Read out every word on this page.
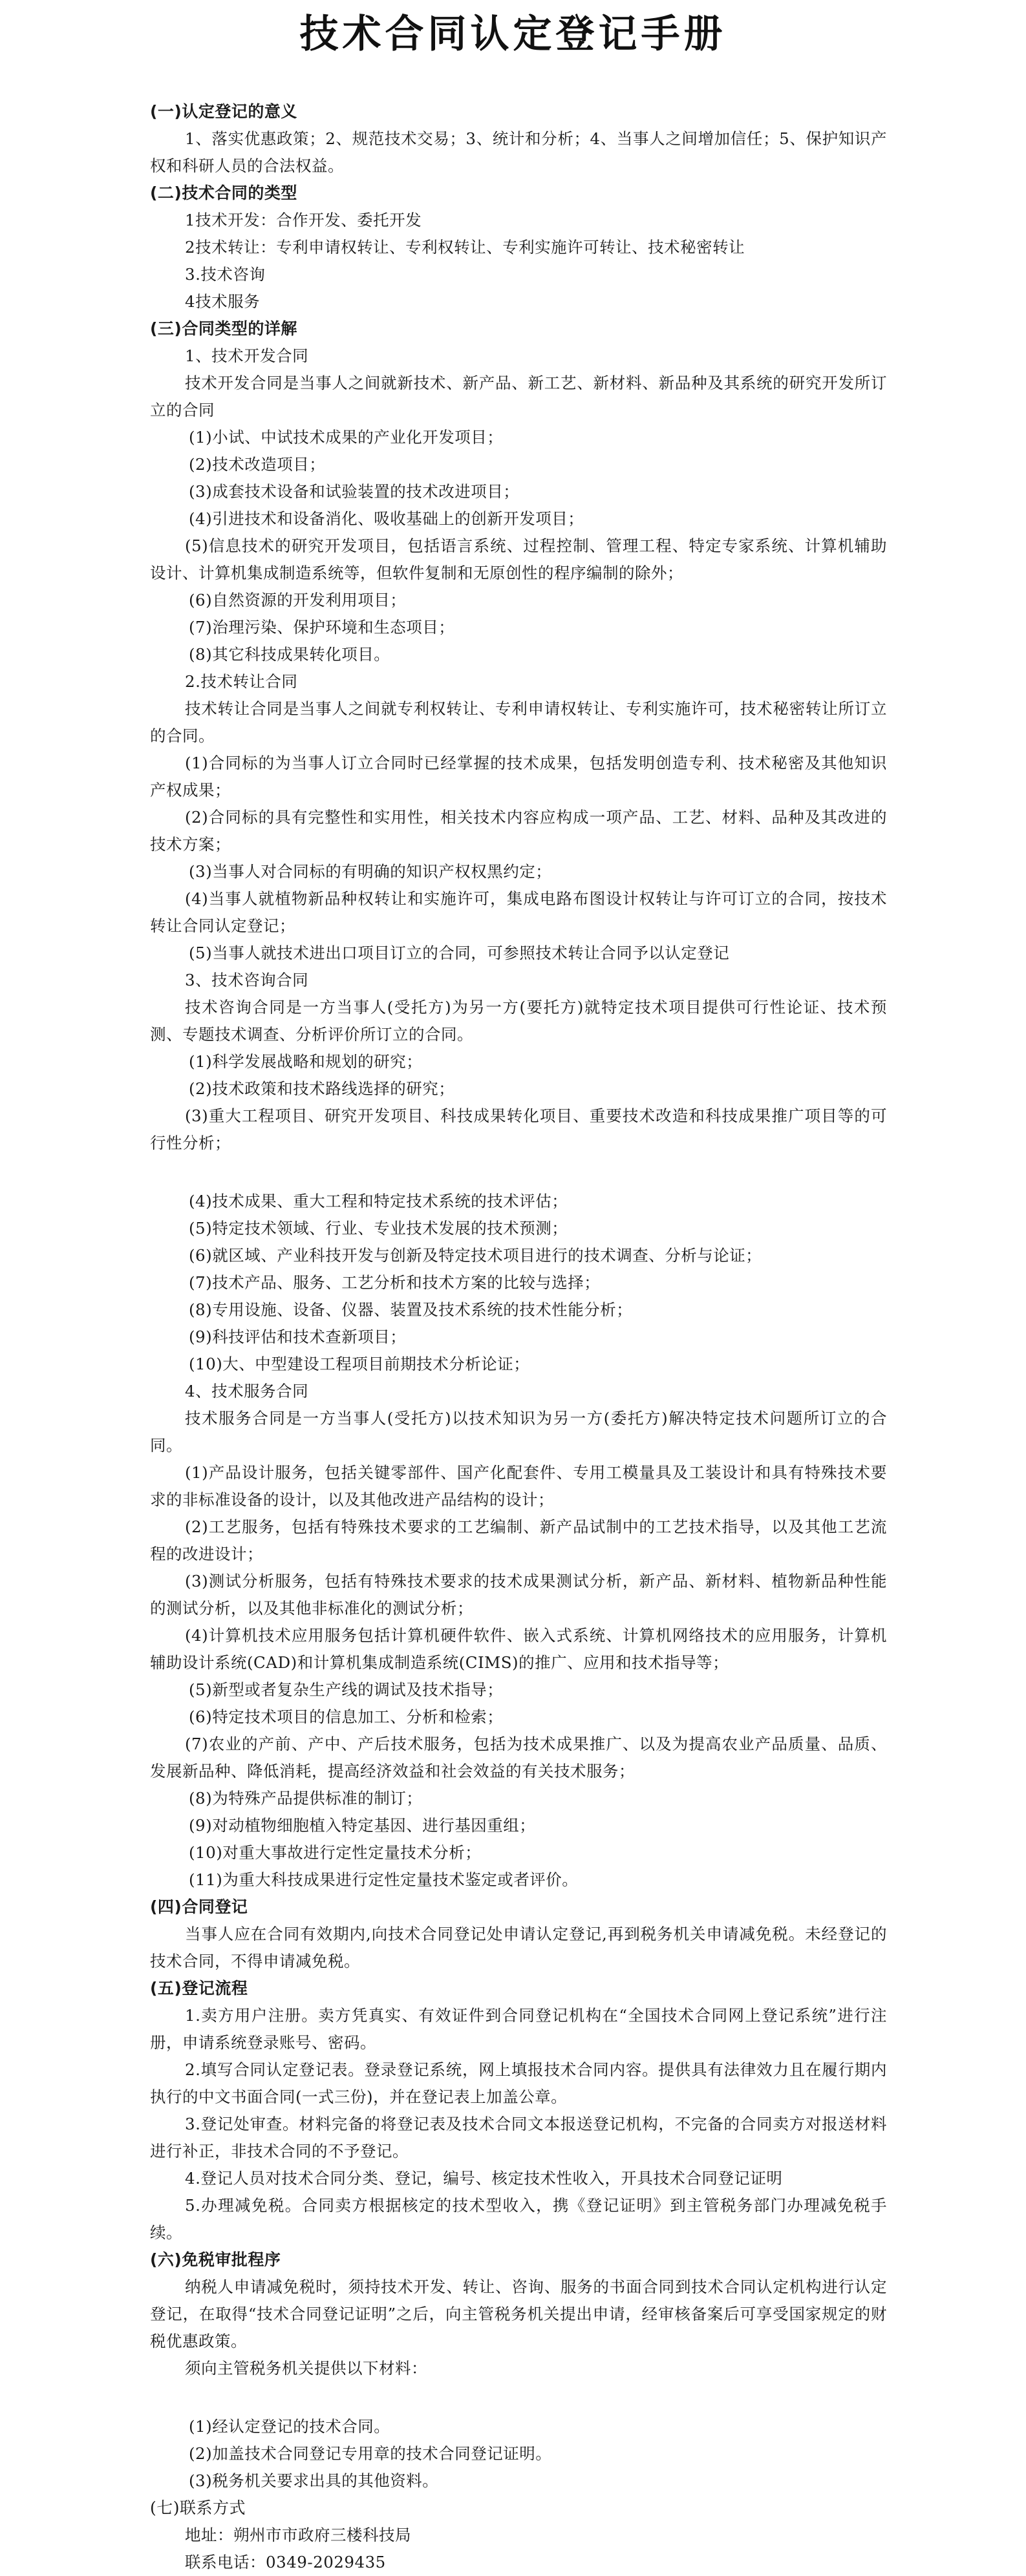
技术合同认定登记手册

(一)认定登记的意义

1、落实优惠政策；2、规范技术交易；3、统计和分析；4、当事人之间增加信任；5、保护知识产权和科研人员的合法权益。

(二)技术合同的类型

1技术开发：合作开发、委托开发

2技术转让：专利申请权转让、专利权转让、专利实施许可转让、技术秘密转让

3.技术咨询

4技术服务

(三)合同类型的详解

1、技术开发合同

技术开发合同是当事人之间就新技术、新产品、新工艺、新材料、新品种及其系统的研究开发所订立的合同

(1)小试、中试技术成果的产业化开发项目；

(2)技术改造项目；

(3)成套技术设备和试验装置的技术改进项目；

(4)引进技术和设备消化、吸收基础上的创新开发项目；

(5)信息技术的研究开发项目，包括语言系统、过程控制、管理工程、特定专家系统、计算机辅助设计、计算机集成制造系统等，但软件复制和无原创性的程序编制的除外；

(6)自然资源的开发利用项目；

(7)治理污染、保护环境和生态项目；

(8)其它科技成果转化项目。

2.技术转让合同

技术转让合同是当事人之间就专利权转让、专利申请权转让、专利实施许可，技术秘密转让所订立的合同。

(1)合同标的为当事人订立合同时已经掌握的技术成果，包括发明创造专利、技术秘密及其他知识产权成果；

(2)合同标的具有完整性和实用性，相关技术内容应构成一项产品、工艺、材料、品种及其改进的技术方案；

(3)当事人对合同标的有明确的知识产权权黑约定；

(4)当事人就植物新品种权转让和实施许可，集成电路布图设计权转让与许可订立的合同，按技术转让合同认定登记；

(5)当事人就技术进出口项目订立的合同，可参照技术转让合同予以认定登记

3、技术咨询合同

技术咨询合同是一方当事人(受托方)为另一方(要托方)就特定技术项目提供可行性论证、技术预测、专题技术调查、分析评价所订立的合同。

(1)科学发展战略和规划的研究；

(2)技术政策和技术路线选择的研究；

(3)重大工程项目、研究开发项目、科技成果转化项目、重要技术改造和科技成果推广项目等的可行性分析；

(4)技术成果、重大工程和特定技术系统的技术评估；

(5)特定技术领域、行业、专业技术发展的技术预测；

(6)就区域、产业科技开发与创新及特定技术项目进行的技术调查、分析与论证；

(7)技术产品、服务、工艺分析和技术方案的比较与选择；

(8)专用设施、设备、仪器、装置及技术系统的技术性能分析；

(9)科技评估和技术查新项目；

(10)大、中型建设工程项目前期技术分析论证；

4、技术服务合同

技术服务合同是一方当事人(受托方)以技术知识为另一方(委托方)解决特定技术问题所订立的合同。

(1)产品设计服务，包括关键零部件、国产化配套件、专用工模量具及工装设计和具有特殊技术要求的非标准设备的设计，以及其他改进产品结构的设计；

(2)工艺服务，包括有特殊技术要求的工艺编制、新产品试制中的工艺技术指导，以及其他工艺流程的改进设计；

(3)测试分析服务，包括有特殊技术要求的技术成果测试分析，新产品、新材料、植物新品种性能的测试分析，以及其他非标准化的测试分析；

(4)计算机技术应用服务包括计算机硬件软件、嵌入式系统、计算机网络技术的应用服务，计算机辅助设计系统(CAD)和计算机集成制造系统(CIMS)的推广、应用和技术指导等；

(5)新型或者复杂生产线的调试及技术指导；

(6)特定技术项目的信息加工、分析和检索；

(7)农业的产前、产中、产后技术服务，包括为技术成果推广、以及为提高农业产品质量、品质、发展新品种、降低消耗，提高经济效益和社会效益的有关技术服务；

(8)为特殊产品提供标准的制订；

(9)对动植物细胞植入特定基因、进行基因重组；

(10)对重大事故进行定性定量技术分析；

(11)为重大科技成果进行定性定量技术鉴定或者评价。

(四)合同登记

当事人应在合同有效期内,向技术合同登记处申请认定登记,再到税务机关申请减免税。未经登记的技术合同，不得申请减免税。

(五)登记流程

1.卖方用户注册。卖方凭真实、有效证件到合同登记机构在“全国技术合同网上登记系统”进行注册，申请系统登录账号、密码。

2.填写合同认定登记表。登录登记系统，网上填报技术合同内容。提供具有法律效力且在履行期内执行的中文书面合同(一式三份)，并在登记表上加盖公章。

3.登记处审查。材料完备的将登记表及技术合同文本报送登记机构，不完备的合同卖方对报送材料进行补正，非技术合同的不予登记。

4.登记人员对技术合同分类、登记，编号、核定技术性收入，开具技术合同登记证明

5.办理减免税。合同卖方根据核定的技术型收入，携《登记证明》到主管税务部门办理减免税手续。

(六)免税审批程序

纳税人申请减免税时，须持技术开发、转让、咨询、服务的书面合同到技术合同认定机构进行认定登记，在取得“技术合同登记证明”之后，向主管税务机关提出申请，经审核备案后可享受国家规定的财税优惠政策。

须向主管税务机关提供以下材料：

(1)经认定登记的技术合同。

(2)加盖技术合同登记专用章的技术合同登记证明。

(3)税务机关要求出具的其他资料。

(七)联系方式

地址：朔州市市政府三楼科技局

联系电话：0349-2029435
